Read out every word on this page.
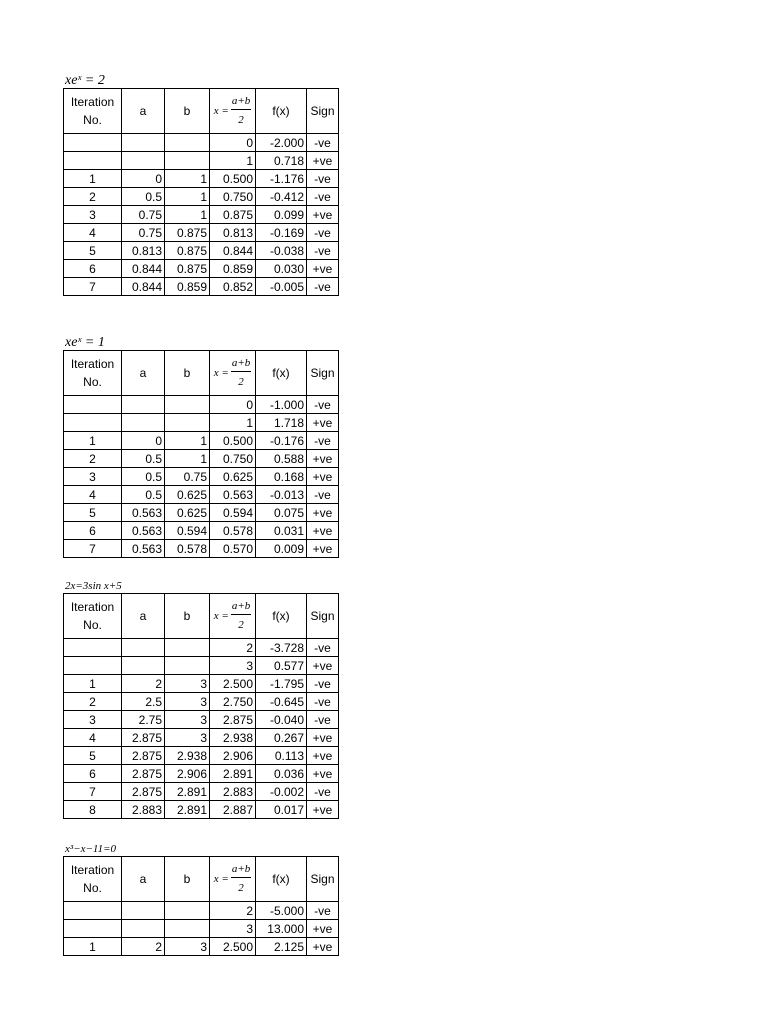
xeˣ = 2
Iteration No.	a	b	$x = \frac{a+b}{2}$	f(x)	Sign
			0	-2.000	-ve
			1	0.718	+ve
1	0	1	0.500	-1.176	-ve
2	0.5	1	0.750	-0.412	-ve
3	0.75	1	0.875	0.099	+ve
4	0.75	0.875	0.813	-0.169	-ve
5	0.813	0.875	0.844	-0.038	-ve
6	0.844	0.875	0.859	0.030	+ve
7	0.844	0.859	0.852	-0.005	-ve
xeˣ = 1
Iteration No.	a	b	$x = \frac{a+b}{2}$	f(x)	Sign
			0	-1.000	-ve
			1	1.718	+ve
1	0	1	0.500	-0.176	-ve
2	0.5	1	0.750	0.588	+ve
3	0.5	0.75	0.625	0.168	+ve
4	0.5	0.625	0.563	-0.013	-ve
5	0.563	0.625	0.594	0.075	+ve
6	0.563	0.594	0.578	0.031	+ve
7	0.563	0.578	0.570	0.009	+ve
2x=3sin x+5
Iteration No.	a	b	$x = \frac{a+b}{2}$	f(x)	Sign
			2	-3.728	-ve
			3	0.577	+ve
1	2	3	2.500	-1.795	-ve
2	2.5	3	2.750	-0.645	-ve
3	2.75	3	2.875	-0.040	-ve
4	2.875	3	2.938	0.267	+ve
5	2.875	2.938	2.906	0.113	+ve
6	2.875	2.906	2.891	0.036	+ve
7	2.875	2.891	2.883	-0.002	-ve
8	2.883	2.891	2.887	0.017	+ve
x³−x−11=0
Iteration No.	a	b	$x = \frac{a+b}{2}$	f(x)	Sign
			2	-5.000	-ve
			3	13.000	+ve
1	2	3	2.500	2.125	+ve
